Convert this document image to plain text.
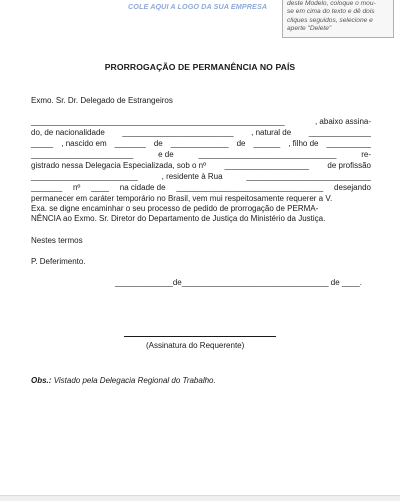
COLE AQUI A LOGO DA SUA EMPRESA	deste Modelo, coloque o mou-
se em cima do texto e dê dois
cliques seguidos, selecione e
aperte "Delete"
PRORROGAÇÃO DE PERMANÊNCIA NO PAÍS
Exmo. Sr. Dr. Delegado de Estrangeiros
_________________________________________________________	, abaixo assina-
do, de nacionalidade _________________________ , natural de ______________
_____ , nascido em _______ de _____________ de ______ , filho de __________
_______________________	e de	_______________________________	re-
gistrado nessa Delegacia Especializada, sob o nº ___________________ de profissão
________________________	, residente à Rua	____________________________
_______ nº ____ na cidade de _________________________________ desejando
permanecer em caráter temporário no Brasil, vem mui respeitosamente requerer a V.
Exa. se digne encaminhar o seu processo de pedido de prorrogação de PERMA-
NÊNCIA ao Exmo. Sr. Diretor do Departamento de Justiça do Ministério da Justiça.
Nestes termos
P. Deferimento.
_____________de_________________________________ de ____.
(Assinatura do Requerente)
Obs.: Vistado pela Delegacia Regional do Trabalho.
